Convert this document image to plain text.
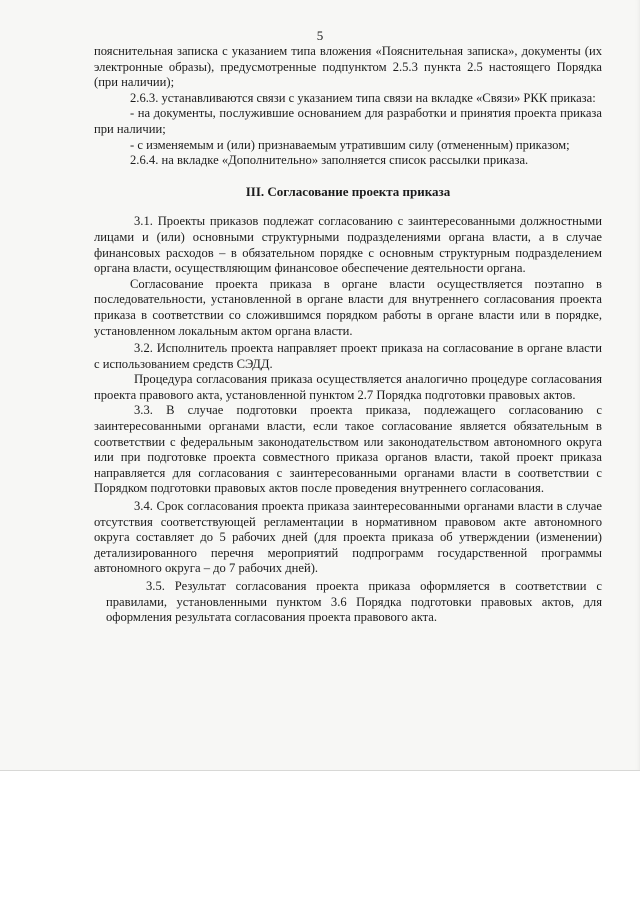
5

пояснительная записка с указанием типа вложения «Пояснительная записка», документы (их электронные образы), предусмотренные подпунктом 2.5.3 пункта 2.5 настоящего Порядка (при наличии);

2.6.3. устанавливаются связи с указанием типа связи на вкладке «Связи» РКК приказа:

- на документы, послужившие основанием для разработки и принятия проекта приказа при наличии;

- с изменяемым и (или) признаваемым утратившим силу (отмененным) приказом;

2.6.4. на вкладке «Дополнительно» заполняется список рассылки приказа.

III. Согласование проекта приказа

3.1. Проекты приказов подлежат согласованию с заинтересованными должностными лицами и (или) основными структурными подразделениями органа власти, а в случае финансовых расходов – в обязательном порядке с основным структурным подразделением органа власти, осуществляющим финансовое обеспечение деятельности органа.

Согласование проекта приказа в органе власти осуществляется поэтапно в последовательности, установленной в органе власти для внутреннего согласования проекта приказа в соответствии со сложившимся порядком работы в органе власти или в порядке, установленном локальным актом органа власти.

3.2. Исполнитель проекта направляет проект приказа на согласование в органе власти с использованием средств СЭДД.

Процедура согласования приказа осуществляется аналогично процедуре согласования проекта правового акта, установленной пунктом 2.7 Порядка подготовки правовых актов.

3.3. В случае подготовки проекта приказа, подлежащего согласованию с заинтересованными органами власти, если такое согласование является обязательным в соответствии с федеральным законодательством или законодательством автономного округа или при подготовке проекта совместного приказа органов власти, такой проект приказа направляется для согласования с заинтересованными органами власти в соответствии с Порядком подготовки правовых актов после проведения внутреннего согласования.

3.4. Срок согласования проекта приказа заинтересованными органами власти в случае отсутствия соответствующей регламентации в нормативном правовом акте автономного округа составляет до 5 рабочих дней (для проекта приказа об утверждении (изменении) детализированного перечня мероприятий подпрограмм государственной программы автономного округа – до 7 рабочих дней).

3.5. Результат согласования проекта приказа оформляется в соответствии с правилами, установленными пунктом 3.6 Порядка подготовки правовых актов, для оформления результата согласования проекта правового акта.
